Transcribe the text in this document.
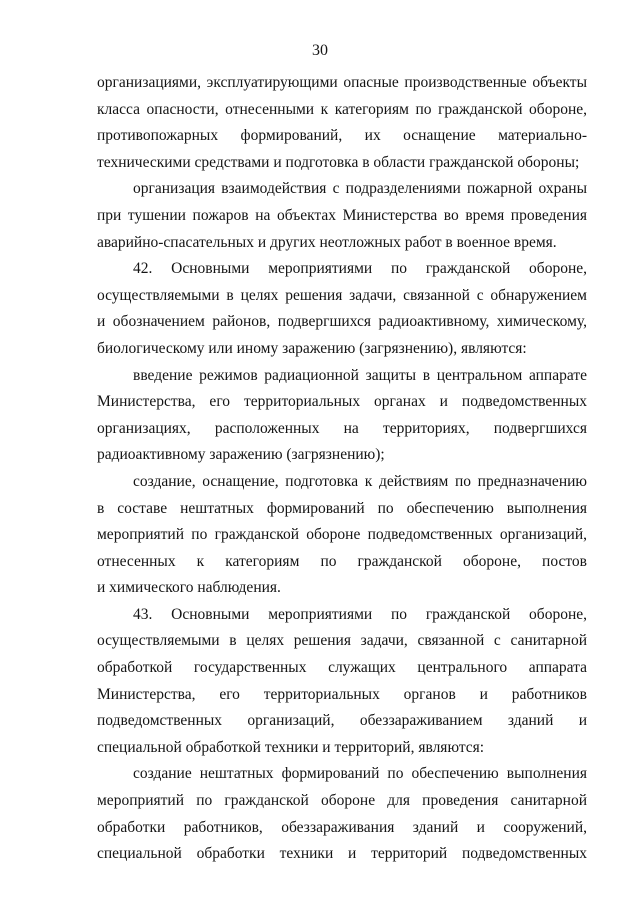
30
организациями, эксплуатирующими опасные производственные объекты
класса опасности, отнесенными к категориям по гражданской обороне,
противопожарных формирований, их оснащение материально-
техническими средствами и подготовка в области гражданской обороны;
организация взаимодействия с подразделениями пожарной охраны
при тушении пожаров на объектах Министерства во время проведения
аварийно-спасательных и других неотложных работ в военное время.
42. Основными мероприятиями по гражданской обороне,
осуществляемыми в целях решения задачи, связанной с обнаружением
и обозначением районов, подвергшихся радиоактивному, химическому,
биологическому или иному заражению (загрязнению), являются:
введение режимов радиационной защиты в центральном аппарате
Министерства, его территориальных органах и подведомственных
организациях, расположенных на территориях, подвергшихся
радиоактивному заражению (загрязнению);
создание, оснащение, подготовка к действиям по предназначению
в составе нештатных формирований по обеспечению выполнения
мероприятий по гражданской обороне подведомственных организаций,
отнесенных к категориям по гражданской обороне, постов
и химического наблюдения.
43. Основными мероприятиями по гражданской обороне,
осуществляемыми в целях решения задачи, связанной с санитарной
обработкой государственных служащих центрального аппарата
Министерства, его территориальных органов и работников
подведомственных организаций, обеззараживанием зданий и
специальной обработкой техники и территорий, являются:
создание нештатных формирований по обеспечению выполнения
мероприятий по гражданской обороне для проведения санитарной
обработки работников, обеззараживания зданий и сооружений,
специальной обработки техники и территорий подведомственных
